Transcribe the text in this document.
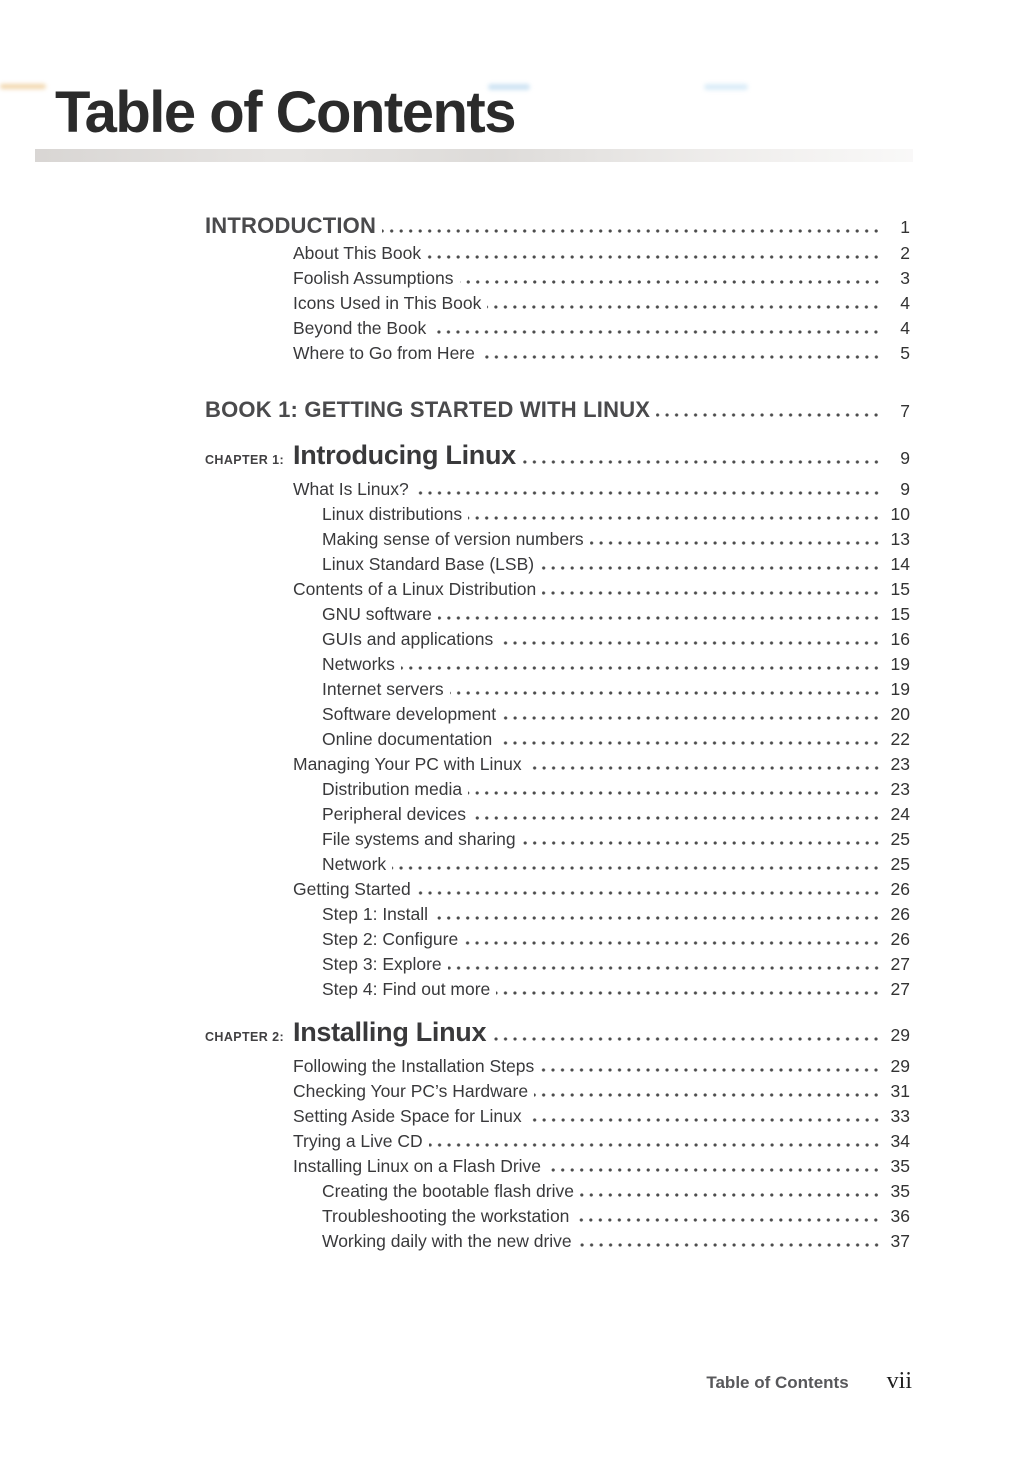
Table of Contents
INTRODUCTION	1
About This Book	2
Foolish Assumptions	3
Icons Used in This Book	4
Beyond the Book	4
Where to Go from Here	5
BOOK 1: GETTING STARTED WITH LINUX	7
CHAPTER 1: Introducing Linux	9
What Is Linux?	9
Linux distributions	10
Making sense of version numbers	13
Linux Standard Base (LSB)	14
Contents of a Linux Distribution	15
GNU software	15
GUIs and applications	16
Networks	19
Internet servers	19
Software development	20
Online documentation	22
Managing Your PC with Linux	23
Distribution media	23
Peripheral devices	24
File systems and sharing	25
Network	25
Getting Started	26
Step 1: Install	26
Step 2: Configure	26
Step 3: Explore	27
Step 4: Find out more	27
CHAPTER 2: Installing Linux	29
Following the Installation Steps	29
Checking Your PC’s Hardware	31
Setting Aside Space for Linux	33
Trying a Live CD	34
Installing Linux on a Flash Drive	35
Creating the bootable flash drive	35
Troubleshooting the workstation	36
Working daily with the new drive	37
Table of Contents vii
